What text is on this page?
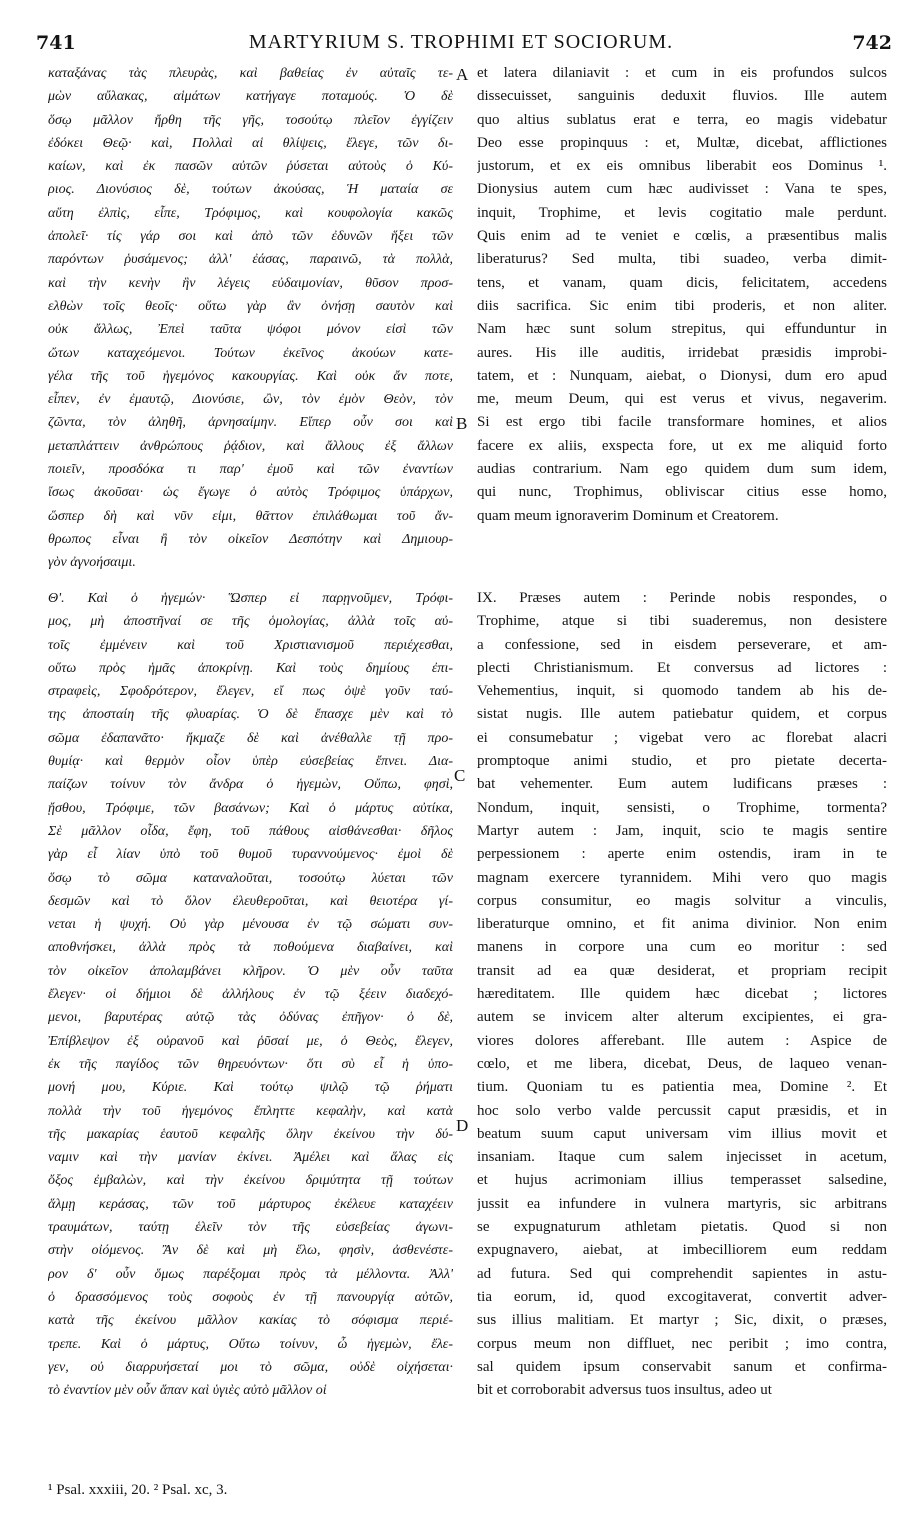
741	MARTYRIUM S. TROPHIMI ET SOCIORUM.	742
καταξάνας τὰς πλευρὰς, καὶ βαθείας ἐν αὐταῖς τε-
μὼν αὔλακας, αἱμάτων κατήγαγε ποταμούς. Ὁ δὲ
ὅσῳ μᾶλλον ἤρθη τῆς γῆς, τοσούτῳ πλεῖον ἐγγίζειν
ἐδόκει Θεῷ· καὶ, Πολλαὶ αἱ θλίψεις, ἔλεγε, τῶν δι-
καίων, καὶ ἐκ πασῶν αὐτῶν ῥύσεται αὐτοὺς ὁ Κύ-
ριος. Διονύσιος δὲ, τούτων ἀκούσας, Ἡ ματαία σε
αὕτη ἐλπὶς, εἶπε, Τρόφιμος, καὶ κουφολογία κακῶς
ἀπολεῖ· τίς γάρ σοι καὶ ἀπὸ τῶν ἐδυνῶν ἥξει τῶν
παρόντων ῥυσάμενος; ἀλλ' ἐάσας, παραινῶ, τὰ πολλὰ,
καὶ τὴν κενὴν ἣν λέγεις εὐδαιμονίαν, θῦσον προσ-
ελθὼν τοῖς θεοῖς· οὕτω γὰρ ἂν ὀνήσῃ σαυτὸν καὶ
οὐκ ἄλλως, Ἐπεὶ ταῦτα ψόφοι μόνον εἰσὶ τῶν
ὤτων καταχεόμενοι. Τούτων ἐκεῖνος ἀκούων κατε-
γέλα τῆς τοῦ ἡγεμόνος κακουργίας. Καὶ οὐκ ἄν ποτε,
εἶπεν, ἐν ἐμαυτῷ, Διονύσιε, ὢν, τὸν ἐμὸν Θεὸν, τὸν
ζῶντα, τὸν ἀληθῆ, ἀρνησαίμην. Εἴπερ οὖν σοι καὶ
μεταπλάττειν ἀνθρώπους ῥᾴδιον, καὶ ἄλλους ἐξ ἄλλων
ποιεῖν, προσδόκα τι παρ' ἐμοῦ καὶ τῶν ἐναντίων
ἴσως ἀκοῦσαι· ὡς ἔγωγε ὁ αὐτὸς Τρόφιμος ὑπάρχων,
ὥσπερ δὴ καὶ νῦν εἰμι, θᾶττον ἐπιλάθωμαι τοῦ ἄν-
θρωπος εἶναι ἢ τὸν οἰκεῖον Δεσπότην καὶ Δημιουρ-
γὸν ἀγνοήσαιμι.
Θ'. Καὶ ὁ ἡγεμών· Ὥσπερ εἰ παρῃνοῦμεν, Τρόφι-
μος, μὴ ἀποστῆναί σε τῆς ὁμολογίας, ἀλλὰ τοῖς αὐ-
τοῖς ἐμμένειν καὶ τοῦ Χριστιανισμοῦ περιέχεσθαι,
οὕτω πρὸς ἡμᾶς ἀποκρίνῃ. Καὶ τοὺς δημίους ἐπι-
στραφεὶς, Σφοδρότερον, ἔλεγεν, εἴ πως ὀψὲ γοῦν ταύ-
της ἀποσταίη τῆς φλυαρίας. Ὁ δὲ ἔπασχε μὲν καὶ τὸ
σῶμα ἐδαπανᾶτο· ἤκμαζε δὲ καὶ ἀνέθαλλε τῇ προ-
θυμίᾳ· καὶ θερμὸν οἷον ὑπὲρ εὐσεβείας ἔπνει. Δια-
παίζων τοίνυν τὸν ἄνδρα ὁ ἡγεμὼν, Οὔπω, φησὶ,
ᾔσθου, Τρόφιμε, τῶν βασάνων; Καὶ ὁ μάρτυς αὐτίκα,
Σὲ μᾶλλον οἶδα, ἔφη, τοῦ πάθους αἰσθάνεσθαι· δῆλος
γὰρ εἶ λίαν ὑπὸ τοῦ θυμοῦ τυραννούμενος· ἐμοὶ δὲ
ὅσῳ τὸ σῶμα καταναλοῦται, τοσούτῳ λύεται τῶν
δεσμῶν καὶ τὸ ὅλον ἐλευθεροῦται, καὶ θειοτέρα γί-
νεται ἡ ψυχή. Οὐ γὰρ μένουσα ἐν τῷ σώματι συν-
αποθνήσκει, ἀλλὰ πρὸς τὰ ποθούμενα διαβαίνει, καὶ
τὸν οἰκεῖον ἀπολαμβάνει κλῆρον. Ὁ μὲν οὖν ταῦτα
ἔλεγεν· οἱ δήμιοι δὲ ἀλλήλους ἐν τῷ ξέειν διαδεχό-
μενοι, βαρυτέρας αὐτῷ τὰς ὀδύνας ἐπῆγον· ὁ δὲ,
Ἐπίβλεψον ἐξ οὐρανοῦ καὶ ῥῦσαί με, ὁ Θεὸς, ἔλεγεν,
ἐκ τῆς παγίδος τῶν θηρευόντων· ὅτι σὺ εἶ ἡ ὑπο-
μονή μου, Κύριε. Καὶ τούτῳ ψιλῷ τῷ ῥήματι
πολλὰ τὴν τοῦ ἡγεμόνος ἔπληττε κεφαλὴν, καὶ κατὰ
τῆς μακαρίας ἑαυτοῦ κεφαλῆς ὅλην ἐκείνου τὴν δύ-
ναμιν καὶ τὴν μανίαν ἐκίνει. Ἀμέλει καὶ ἅλας εἰς
ὄξος ἐμβαλὼν, καὶ τὴν ἐκείνου δριμύτητα τῇ τούτων
ἅλμῃ κεράσας, τῶν τοῦ μάρτυρος ἐκέλευε καταχέειν
τραυμάτων, ταύτῃ ἑλεῖν τὸν τῆς εὐσεβείας ἀγωνι-
στὴν οἰόμενος. Ἂν δὲ καὶ μὴ ἕλω, φησὶν, ἀσθενέστε-
ρον δ' οὖν ὅμως παρέξομαι πρὸς τὰ μέλλοντα. Ἀλλ'
ὁ δρασσόμενος τοὺς σοφοὺς ἐν τῇ πανουργίᾳ αὐτῶν,
κατὰ τῆς ἐκείνου μᾶλλον κακίας τὸ σόφισμα περιέ-
τρεπε. Καὶ ὁ μάρτυς, Οὕτω τοίνυν, ὦ ἡγεμὼν, ἔλε-
γεν, οὐ διαρρυήσεταί μοι τὸ σῶμα, οὐδὲ οἰχήσεται·
τὸ ἐναντίον μὲν οὖν ἅπαν καὶ ὑγιὲς αὐτὸ μᾶλλον οἱ
et latera dilaniavit : et cum in eis profundos sulcos
dissecuisset, sanguinis deduxit fluvios. Ille autem
quo altius sublatus erat e terra, eo magis videbatur
Deo esse propinquus : et, Multæ, dicebat, afflictiones
justorum, et ex eis omnibus liberabit eos Dominus ¹.
Dionysius autem cum hæc audivisset : Vana te spes,
inquit, Trophime, et levis cogitatio male perdunt.
Quis enim ad te veniet e cœlis, a præsentibus malis
liberaturus? Sed multa, tibi suadeo, verba dimit-
tens, et vanam, quam dicis, felicitatem, accedens
diis sacrifica. Sic enim tibi proderis, et non aliter.
Nam hæc sunt solum strepitus, qui effunduntur in
aures. His ille auditis, irridebat præsidis improbi-
tatem, et : Nunquam, aiebat, o Dionysi, dum ero apud
me, meum Deum, qui est verus et vivus, negaverim.
Si est ergo tibi facile transformare homines, et alios
facere ex aliis, exspecta fore, ut ex me aliquid forto
audias contrarium. Nam ego quidem dum sum idem,
qui nunc, Trophimus, obliviscar citius esse homo,
quam meum ignoraverim Dominum et Creatorem.
IX. Præses autem : Perinde nobis respondes, o
Trophime, atque si tibi suaderemus, non desistere
a confessione, sed in eisdem perseverare, et am-
plecti Christianismum. Et conversus ad lictores :
Vehementius, inquit, si quomodo tandem ab his de-
sistat nugis. Ille autem patiebatur quidem, et corpus
ei consumebatur ; vigebat vero ac florebat alacri
promptoque animi studio, et pro pietate decerta-
bat vehementer. Eum autem ludificans præses :
Nondum, inquit, sensisti, o Trophime, tormenta?
Martyr autem : Jam, inquit, scio te magis sentire
perpessionem : aperte enim ostendis, iram in te
magnam exercere tyrannidem. Mihi vero quo magis
corpus consumitur, eo magis solvitur a vinculis,
liberaturque omnino, et fit anima divinior. Non enim
manens in corpore una cum eo moritur : sed
transit ad ea quæ desiderat, et propriam recipit
hæreditatem. Ille quidem hæc dicebat ; lictores
autem se invicem alter alterum excipientes, ei gra-
viores dolores afferebant. Ille autem : Aspice de
cœlo, et me libera, dicebat, Deus, de laqueo venan-
tium. Quoniam tu es patientia mea, Domine ². Et
hoc solo verbo valde percussit caput præsidis, et in
beatum suum caput universam vim illius movit et
insaniam. Itaque cum salem injecisset in acetum,
et hujus acrimoniam illius temperasset salsedine,
jussit ea infundere in vulnera martyris, sic arbitrans
se expugnaturum athletam pietatis. Quod si non
expugnavero, aiebat, at imbecilliorem eum reddam
ad futura. Sed qui comprehendit sapientes in astu-
tia eorum, id, quod excogitaverat, convertit adver-
sus illius malitiam. Et martyr ; Sic, dixit, o præses,
corpus meum non diffluet, nec peribit ; imo contra,
sal quidem ipsum conservabit sanum et confirma-
bit et corroborabit adversus tuos insultus, adeo ut
A
B
C
D
¹ Psal. xxxiii, 20. ² Psal. xc, 3.
